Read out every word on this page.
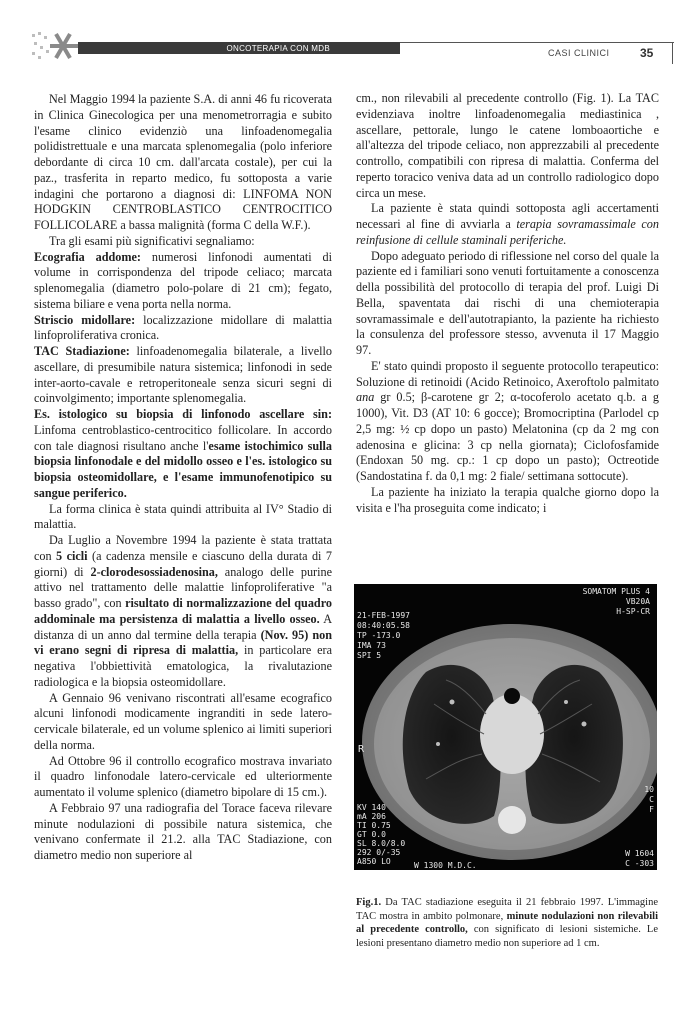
ONCOTERAPIA CON MDB	CASI CLINICI	35

Nel Maggio 1994 la paziente S.A. di anni 46 fu ricoverata in Clinica Ginecologica per una menometrorragia e subito l'esame clinico evidenziò una linfoadenomegalia polidistrettuale e una marcata splenomegalia (polo inferiore debordante di circa 10 cm. dall'arcata costale), per cui la paz., trasferita in reparto medico, fu sottoposta a varie indagini che portarono a diagnosi di: LINFOMA NON HODGKIN CENTROBLASTICO CENTROCITICO FOLLICOLARE a bassa malignità (forma C della W.F.).

Tra gli esami più significativi segnaliamo:

Ecografia addome: numerosi linfonodi aumentati di volume in corrispondenza del tripode celiaco; marcata splenomegalia (diametro polo-polare di 21 cm); fegato, sistema biliare e vena porta nella norma.

Striscio midollare: localizzazione midollare di malattia linfoproliferativa cronica.

TAC Stadiazione: linfoadenomegalia bilaterale, a livello ascellare, di presumibile natura sistemica; linfonodi in sede inter-aorto-cavale e retroperitoneale senza sicuri segni di coinvolgimento; importante splenomegalia.

Es. istologico su biopsia di linfonodo ascellare sin: Linfoma centroblastico-centrocitico follicolare. In accordo con tale diagnosi risultano anche l'esame istochimico sulla biopsia linfonodale e del midollo osseo e l'es. istologico su biopsia osteomidollare, e l'esame immunofenotipico su sangue periferico.

La forma clinica è stata quindi attribuita al IV° Stadio di malattia.

Da Luglio a Novembre 1994 la paziente è stata trattata con 5 cicli (a cadenza mensile e ciascuno della durata di 7 giorni) di 2-clorodesossiadenosina, analogo delle purine attivo nel trattamento delle malattie linfoproliferative "a basso grado", con risultato di normalizzazione del quadro addominale ma persistenza di malattia a livello osseo. A distanza di un anno dal termine della terapia (Nov. 95) non vi erano segni di ripresa di malattia, in particolare era negativa l'obbiettività ematologica, la rivalutazione radiologica e la biopsia osteomidollare.

A Gennaio 96 venivano riscontrati all'esame ecografico alcuni linfonodi modicamente ingranditi in sede latero-cervicale bilaterale, ed un volume splenico ai limiti superiori della norma.

Ad Ottobre 96 il controllo ecografico mostrava invariato il quadro linfonodale latero-cervicale ed ulteriormente aumentato il volume splenico (diametro bipolare di 15 cm.).

A Febbraio 97 una radiografia del Torace faceva rilevare minute nodulazioni di possibile natura sistemica, che venivano confermate il 21.2. alla TAC Stadiazione, con diametro medio non superiore al

cm., non rilevabili al precedente controllo (Fig. 1). La TAC evidenziava inoltre linfoadenomegalia mediastinica , ascellare, pettorale, lungo le catene lomboaortiche e all'altezza del tripode celiaco, non apprezzabili al precedente controllo, compatibili con ripresa di malattia. Conferma del reperto toracico veniva data ad un controllo radiologico dopo circa un mese.

La paziente è stata quindi sottoposta agli accertamenti necessari al fine di avviarla a terapia sovramassimale con reinfusione di cellule staminali periferiche.

Dopo adeguato periodo di riflessione nel corso del quale la paziente ed i familiari sono venuti fortuitamente a conoscenza della possibilità del protocollo di terapia del prof. Luigi Di Bella, spaventata dai rischi di una chemioterapia sovramassimale e dell'autotrapianto, la paziente ha richiesto la consulenza del professore stesso, avvenuta il 17 Maggio 97.

E' stato quindi proposto il seguente protocollo terapeutico: Soluzione di retinoidi (Acido Retinoico, Axeroftolo palmitato ana gr 0.5; β-carotene gr 2; α-tocoferolo acetato q.b. a g 1000), Vit. D3 (AT 10: 6 gocce); Bromocriptina (Parlodel cp 2,5 mg: ½ cp dopo un pasto) Melatonina (cp da 2 mg con adenosina e glicina: 3 cp nella giornata); Ciclofosfamide (Endoxan 50 mg. cp.: 1 cp dopo un pasto); Octreotide (Sandostatina f. da 0,1 mg: 2 fiale/ settimana sottocute).

La paziente ha iniziato la terapia qualche giorno dopo la visita e l'ha proseguita come indicato; i

SOMATOM PLUS 4
VB20A
H-SP-CR
21-FEB-1997
08:40:05.58
TP -173.0
IMA 73
SPI 5
R
10
C
F
KV 140
mA 206
TI 0.75
GT 0.0
SL 8.0/8.0
292 0/-35
A850 LO	W 1300 M.D.C.
W 1604
C -303
Fig.1. Da TAC stadiazione eseguita il 21 febbraio 1997. L'immagine TAC mostra in ambito polmonare, minute nodulazioni non rilevabili al precedente controllo, con significato di lesioni sistemiche. Le lesioni presentano diametro medio non superiore ad 1 cm.
